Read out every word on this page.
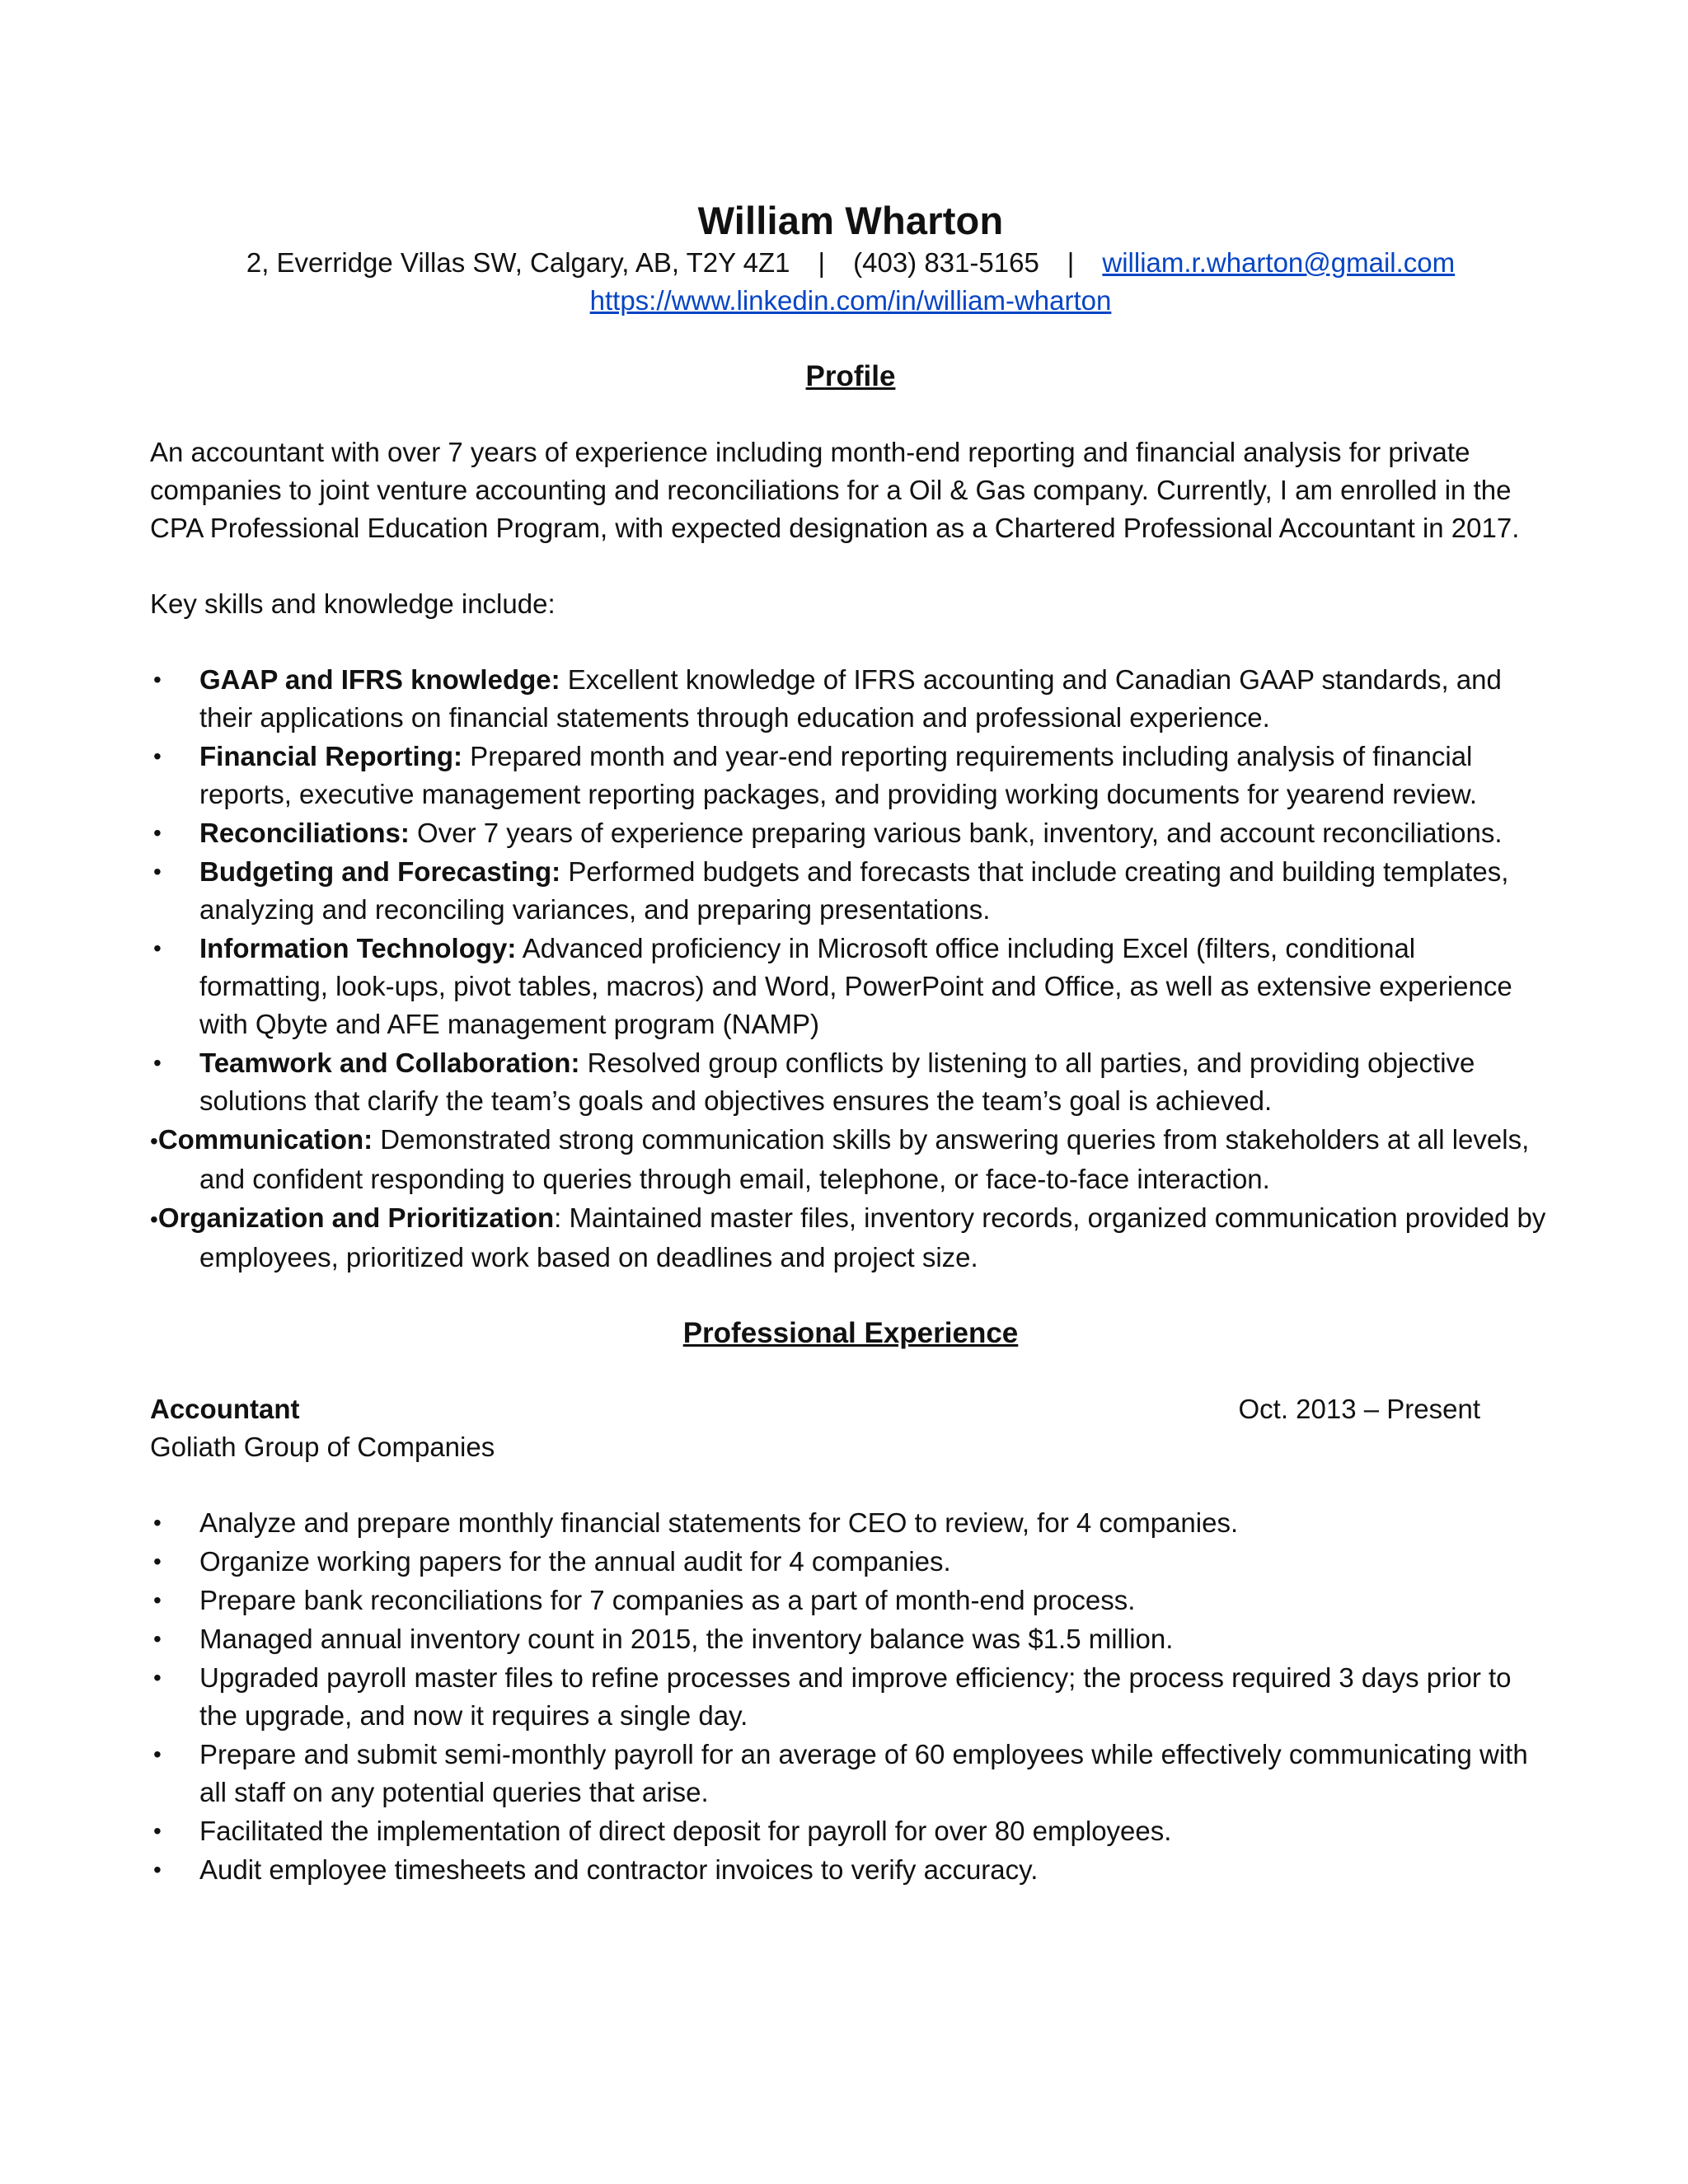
William Wharton

2, Everridge Villas SW, Calgary, AB, T2Y 4Z1 | (403) 831-5165 | william.r.wharton@gmail.com

https://www.linkedin.com/in/william-wharton

Profile

An accountant with over 7 years of experience including month-end reporting and financial analysis for private companies to joint venture accounting and reconciliations for a Oil & Gas company. Currently, I am enrolled in the CPA Professional Education Program, with expected designation as a Chartered Professional Accountant in 2017.

Key skills and knowledge include:

• GAAP and IFRS knowledge: Excellent knowledge of IFRS accounting and Canadian GAAP standards, and their applications on financial statements through education and professional experience.
• Financial Reporting: Prepared month and year-end reporting requirements including analysis of financial reports, executive management reporting packages, and providing working documents for yearend review.
• Reconciliations: Over 7 years of experience preparing various bank, inventory, and account reconciliations.
• Budgeting and Forecasting: Performed budgets and forecasts that include creating and building templates, analyzing and reconciling variances, and preparing presentations.
• Information Technology: Advanced proficiency in Microsoft office including Excel (filters, conditional formatting, look-ups, pivot tables, macros) and Word, PowerPoint and Office, as well as extensive experience with Qbyte and AFE management program (NAMP)
• Teamwork and Collaboration: Resolved group conflicts by listening to all parties, and providing objective solutions that clarify the team’s goals and objectives ensures the team’s goal is achieved.
•Communication: Demonstrated strong communication skills by answering queries from stakeholders at all levels, and confident responding to queries through email, telephone, or face-to-face interaction.
•Organization and Prioritization: Maintained master files, inventory records, organized communication provided by employees, prioritized work based on deadlines and project size.
Professional Experience
Accountant	Oct. 2013 – Present

Goliath Group of Companies

• Analyze and prepare monthly financial statements for CEO to review, for 4 companies.
• Organize working papers for the annual audit for 4 companies.
• Prepare bank reconciliations for 7 companies as a part of month-end process.
• Managed annual inventory count in 2015, the inventory balance was $1.5 million.
• Upgraded payroll master files to refine processes and improve efficiency; the process required 3 days prior to the upgrade, and now it requires a single day.
• Prepare and submit semi-monthly payroll for an average of 60 employees while effectively communicating with all staff on any potential queries that arise.
• Facilitated the implementation of direct deposit for payroll for over 80 employees.
• Audit employee timesheets and contractor invoices to verify accuracy.
